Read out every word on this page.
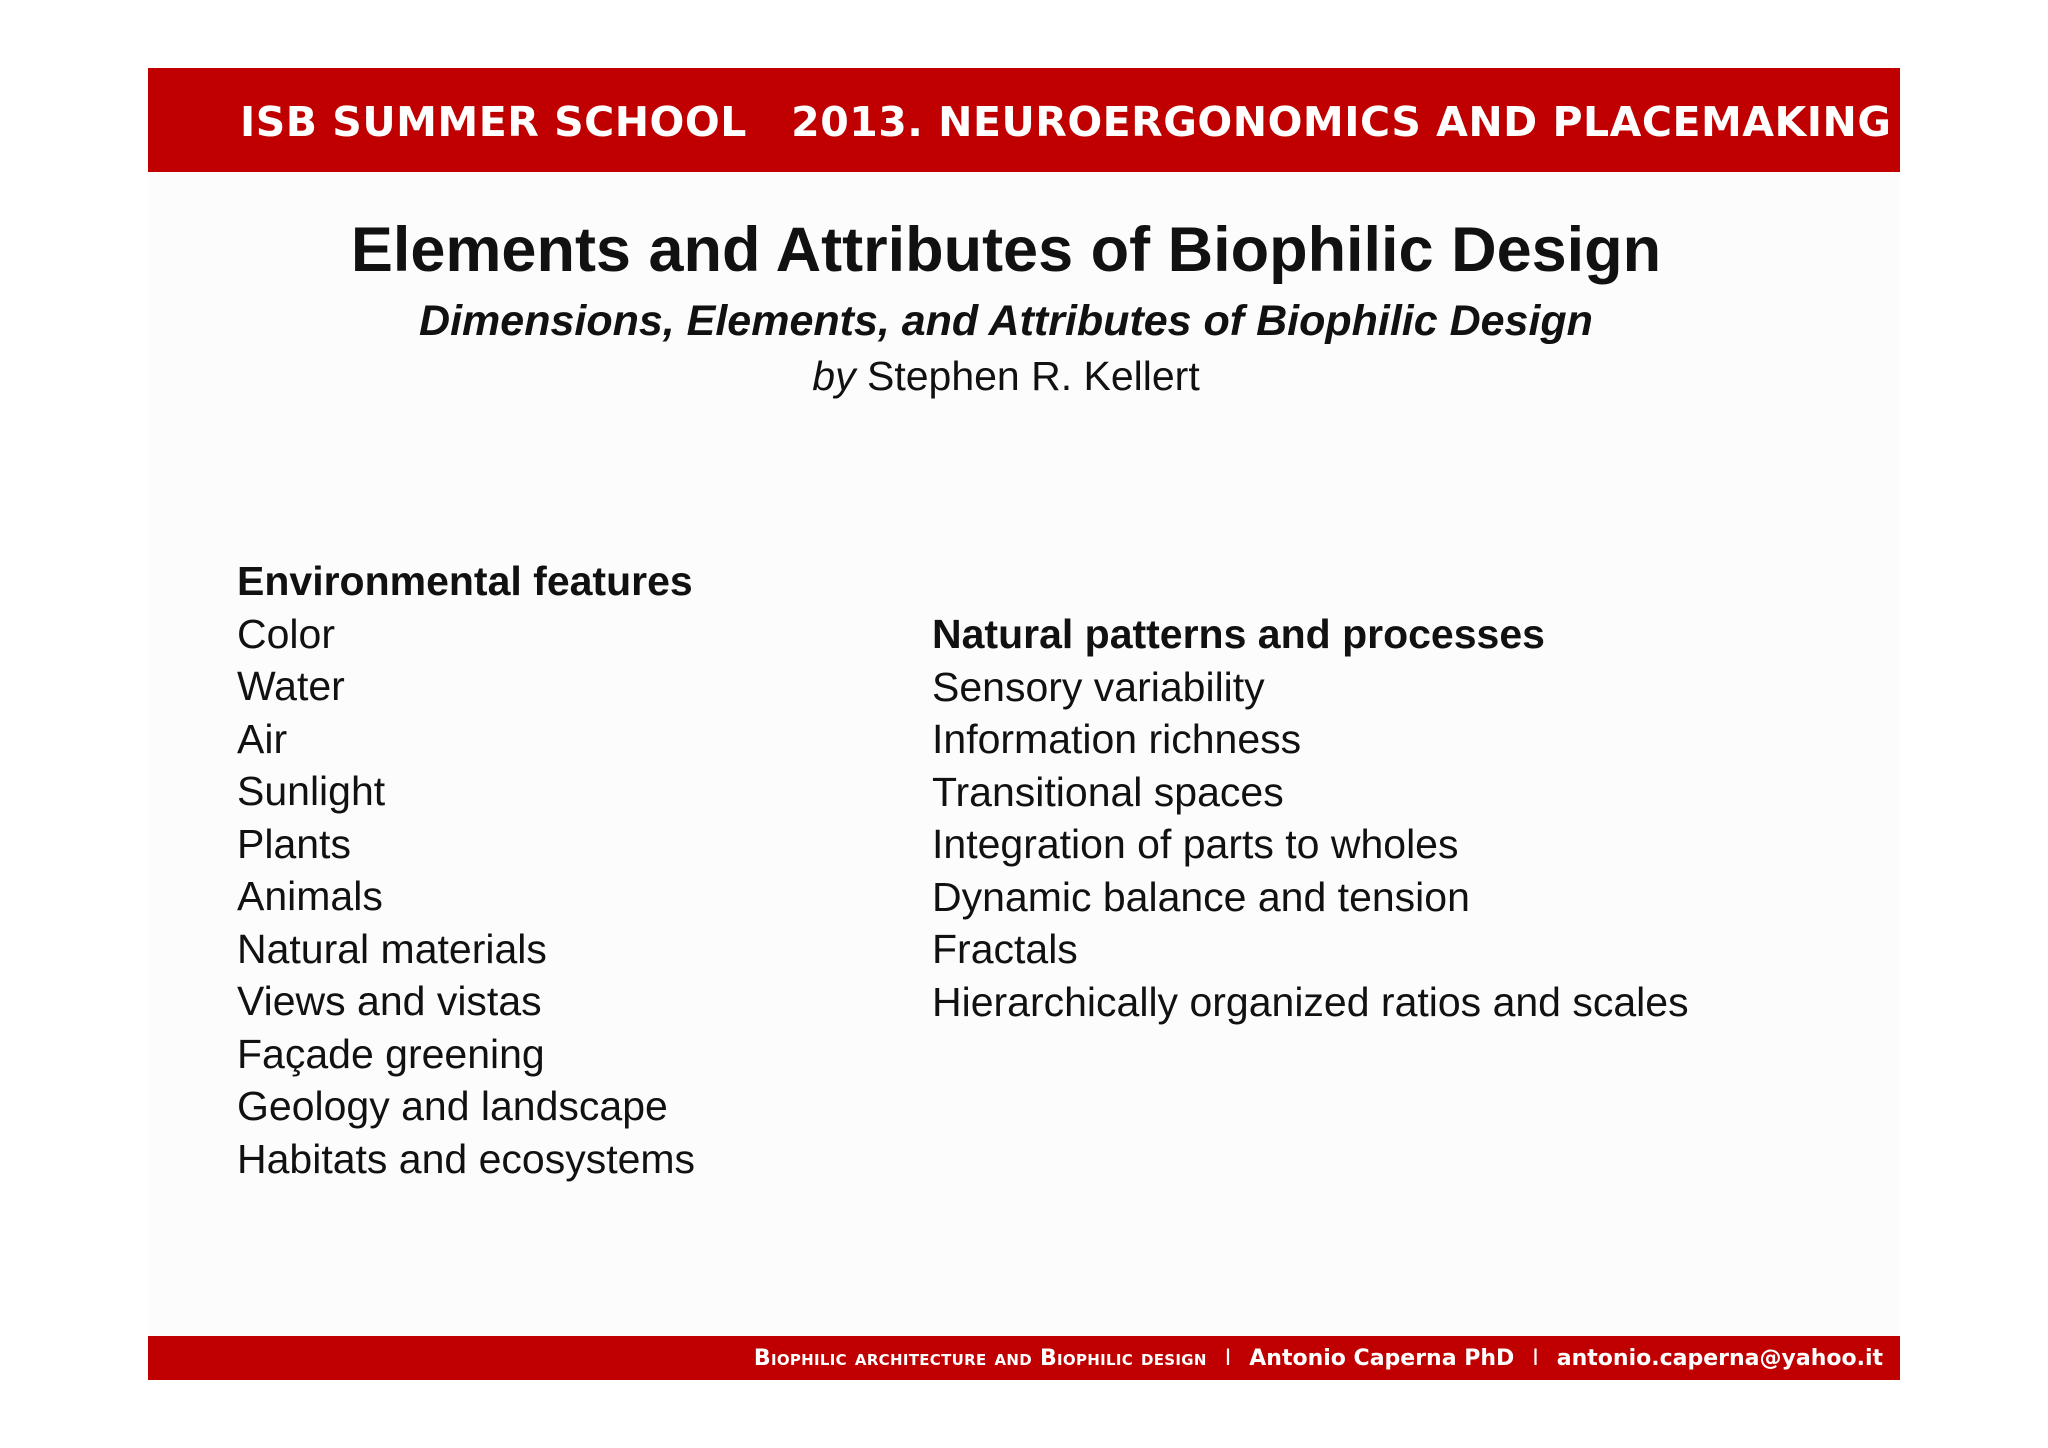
ISB SUMMER SCHOOL   2013. NEUROERGONOMICS AND PLACEMAKING
Elements and Attributes of Biophilic Design
Dimensions, Elements, and Attributes of Biophilic Design
by Stephen R. Kellert
Environmental features
Color
Water
Air
Sunlight
Plants
Animals
Natural materials
Views and vistas
Façade greening
Geology and landscape
Habitats and ecosystems
Natural patterns and processes
Sensory variability
Information richness
Transitional spaces
Integration of parts to wholes
Dynamic balance and tension
Fractals
Hierarchically organized ratios and scales
Biophilic architecture and Biophilic design I Antonio Caperna PhD I antonio.caperna@yahoo.it
